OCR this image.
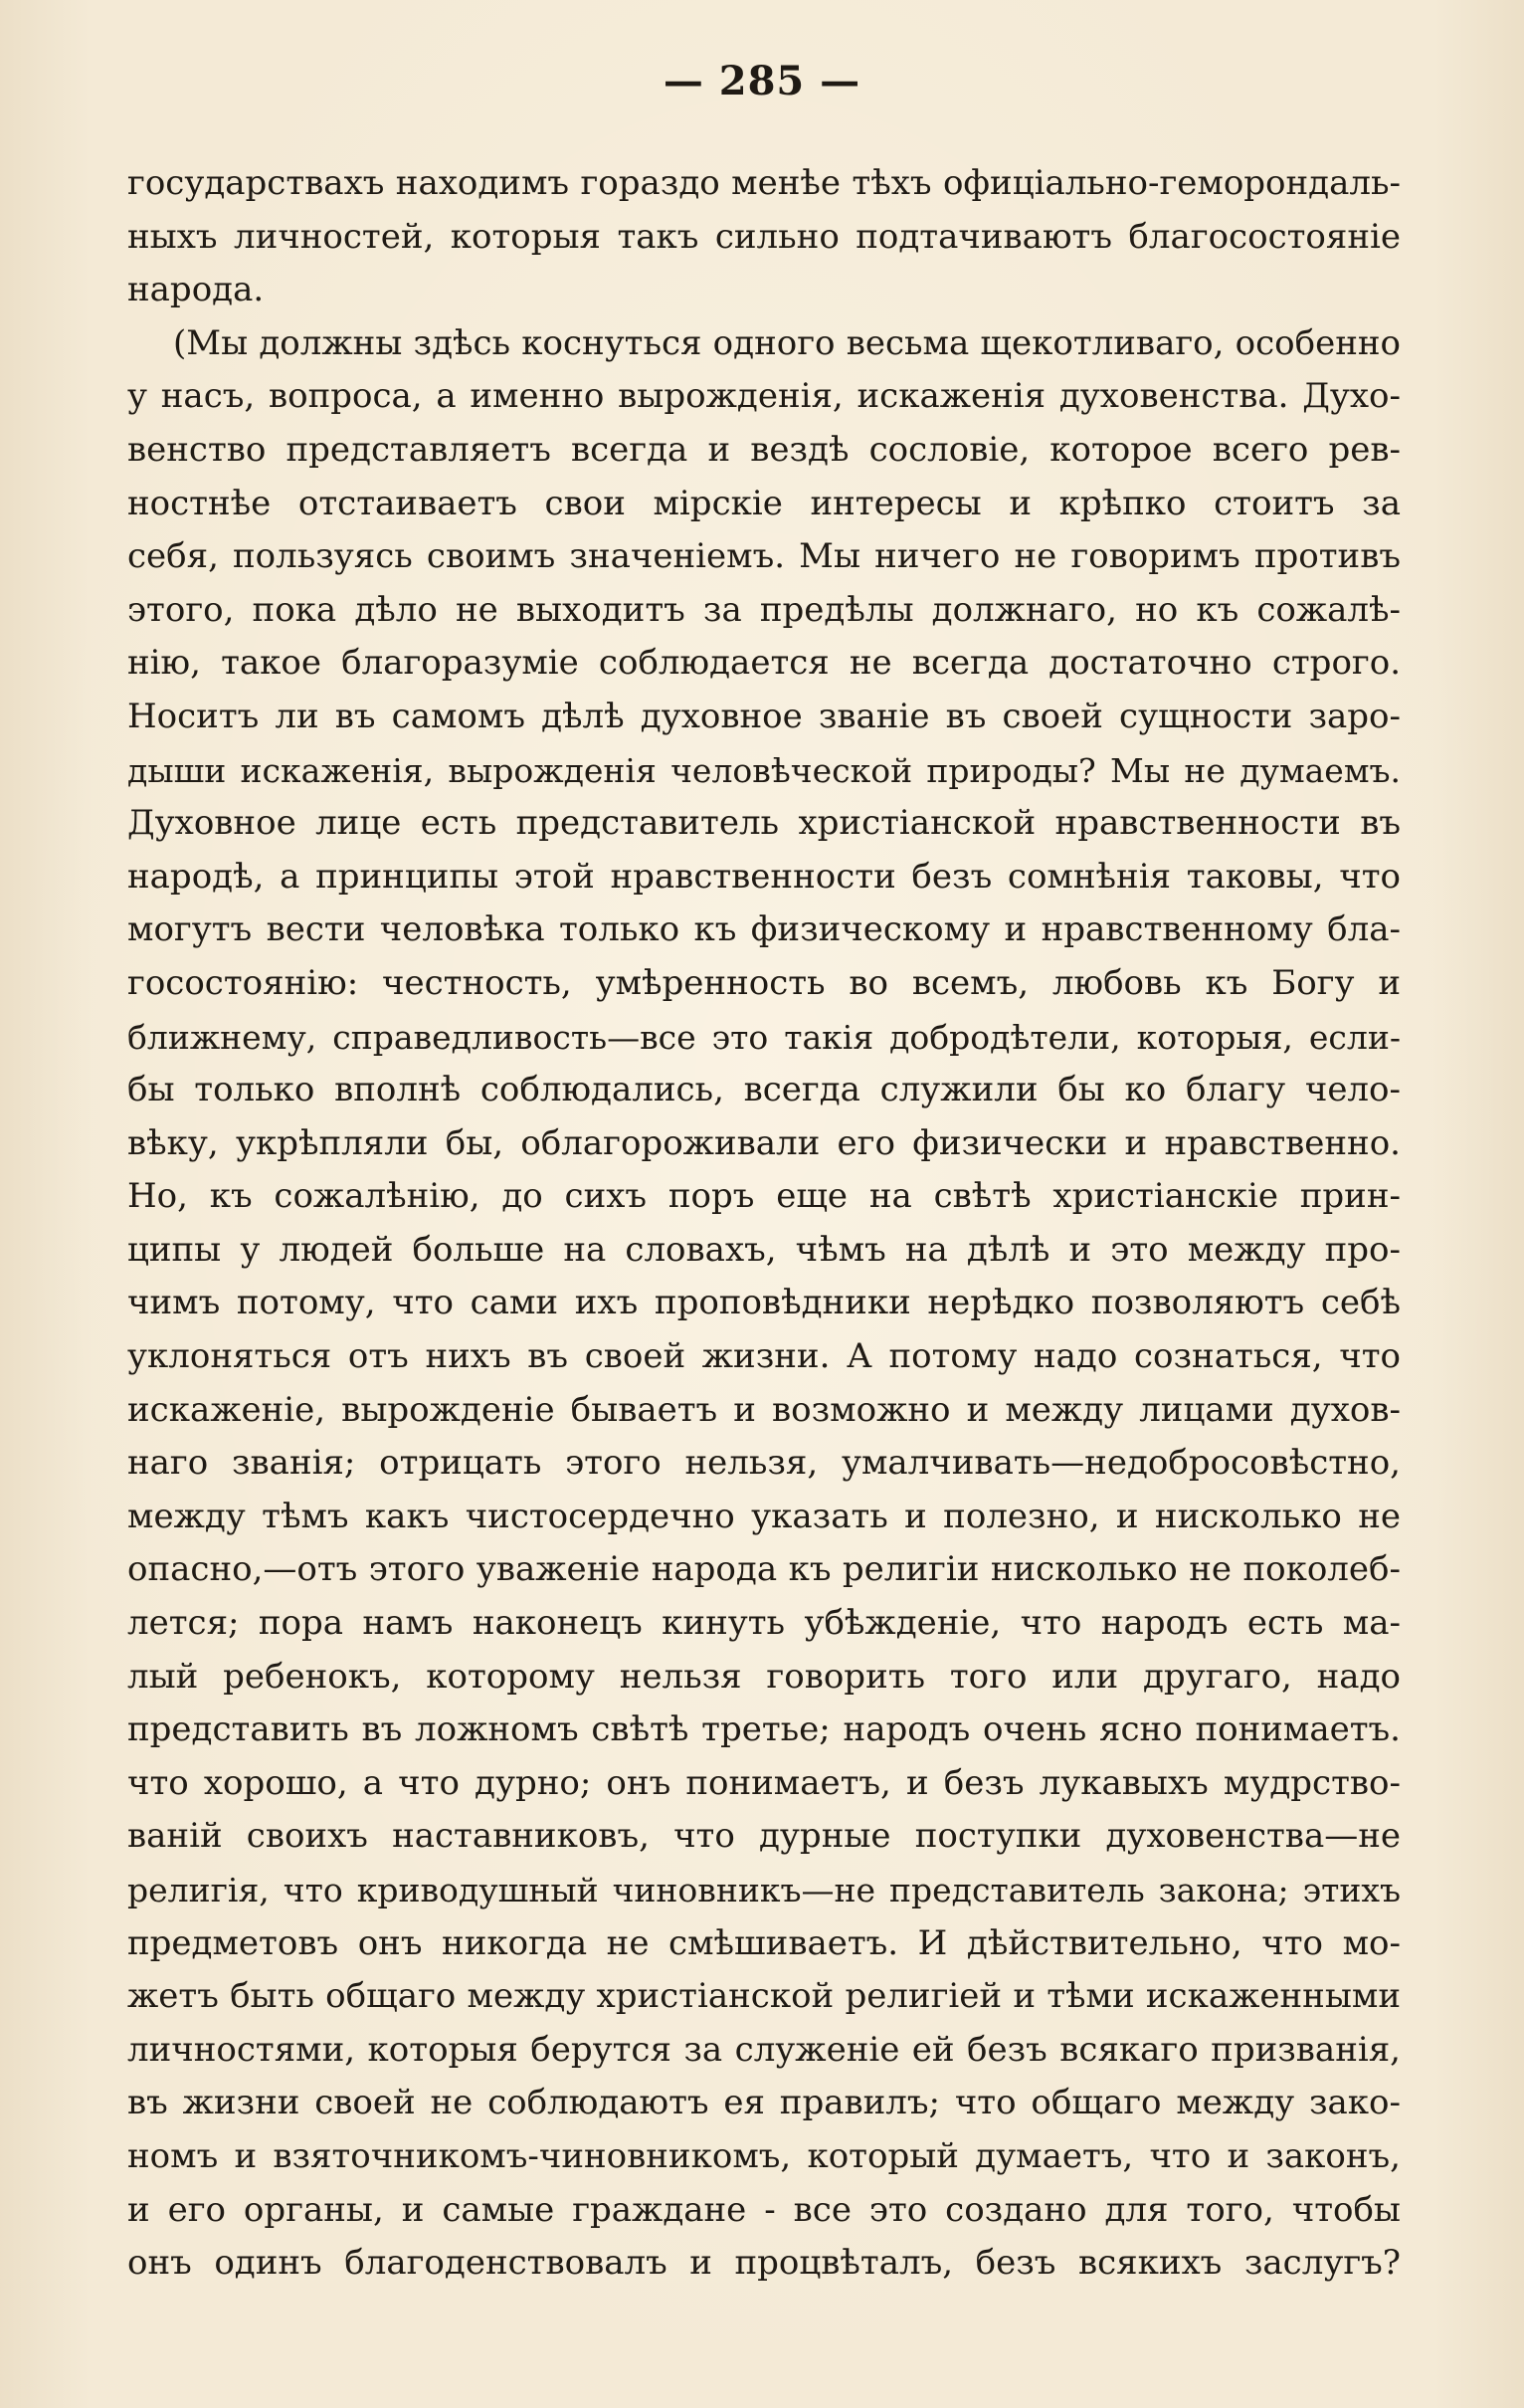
— 285 —
государствахъ находимъ гораздо менѣе тѣхъ офиціально-геморондаль-
ныхъ личностей, которыя такъ сильно подтачиваютъ благосостояніе
народа.
(Мы должны здѣсь коснуться одного весьма щекотливаго, особенно
у насъ, вопроса, а именно вырожденія, искаженія духовенства. Духо-
венство представляетъ всегда и вездѣ сословіе, которое всего рев-
ностнѣе отстаиваетъ свои мірскіе интересы и крѣпко стоитъ за
себя, пользуясь своимъ значеніемъ. Мы ничего не говоримъ противъ
этого, пока дѣло не выходитъ за предѣлы должнаго, но къ сожалѣ-
нію, такое благоразуміе соблюдается не всегда достаточно строго.
Носитъ ли въ самомъ дѣлѣ духовное званіе въ своей сущности заро-
дыши искаженія, вырожденія человѣческой природы? Мы не думаемъ.
Духовное лице есть представитель христіанской нравственности въ
народѣ, а принципы этой нравственности безъ сомнѣнія таковы, что
могутъ вести человѣка только къ физическому и нравственному бла-
госостоянію: честность, умѣренность во всемъ, любовь къ Богу и
ближнему, справедливость—все это такія добродѣтели, которыя, если-
бы только вполнѣ соблюдались, всегда служили бы ко благу чело-
вѣку, укрѣпляли бы, облагороживали его физически и нравственно.
Но, къ сожалѣнію, до сихъ поръ еще на свѣтѣ христіанскіе прин-
ципы у людей больше на словахъ, чѣмъ на дѣлѣ и это между про-
чимъ потому, что сами ихъ проповѣдники нерѣдко позволяютъ себѣ
уклоняться отъ нихъ въ своей жизни. А потому надо сознаться, что
искаженіе, вырожденіе бываетъ и возможно и между лицами духов-
наго званія; отрицать этого нельзя, умалчивать—недобросовѣстно,
между тѣмъ какъ чистосердечно указать и полезно, и нисколько не
опасно,—отъ этого уваженіе народа къ религіи нисколько не поколеб-
лется; пора намъ наконецъ кинуть убѣжденіе, что народъ есть ма-
лый ребенокъ, которому нельзя говорить того или другаго, надо
представить въ ложномъ свѣтѣ третье; народъ очень ясно понимаетъ.
что хорошо, а что дурно; онъ понимаетъ, и безъ лукавыхъ мудрство-
ваній своихъ наставниковъ, что дурные поступки духовенства—не
религія, что криводушный чиновникъ—не представитель закона; этихъ
предметовъ онъ никогда не смѣшиваетъ. И дѣйствительно, что мо-
жетъ быть общаго между христіанской религіей и тѣми искаженными
личностями, которыя берутся за служеніе ей безъ всякаго призванія,
въ жизни своей не соблюдаютъ ея правилъ; что общаго между зако-
номъ и взяточникомъ-чиновникомъ, который думаетъ, что и законъ,
и его органы, и самые граждане - все это создано для того, чтобы
онъ одинъ благоденствовалъ и процвѣталъ, безъ всякихъ заслугъ?
